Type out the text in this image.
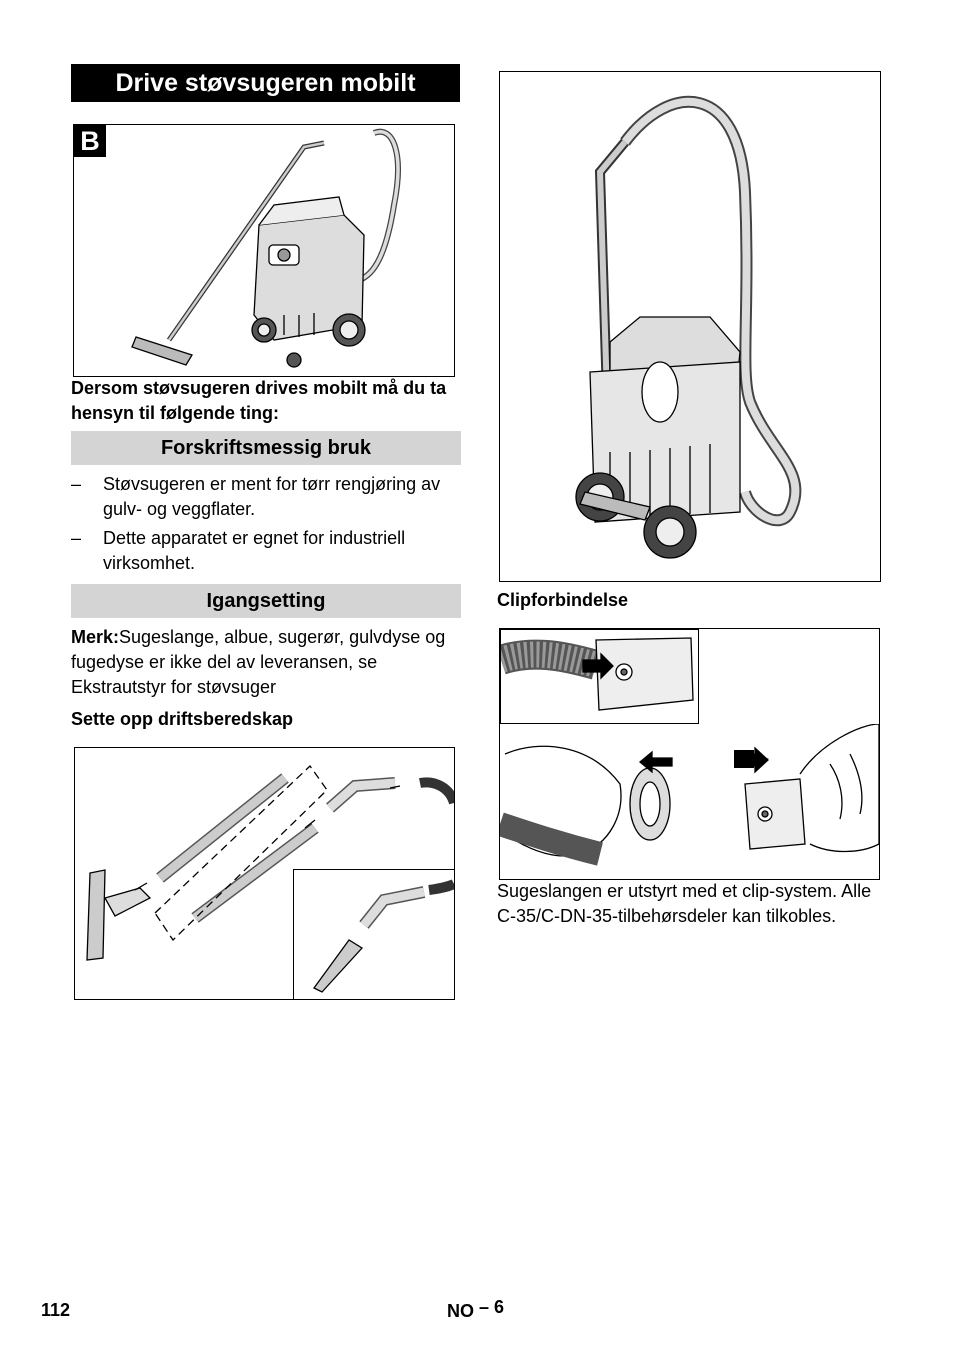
Drive støvsugeren mobilt
B
Dersom støvsugeren drives mobilt må du ta hensyn til følgende ting:
Forskriftsmessig bruk
– Støvsugeren er ment for tørr rengjøring av gulv- og veggflater.
– Dette apparatet er egnet for industriell virksomhet.
Igangsetting
Merk:Sugeslange, albue, sugerør, gulvdyse og fugedyse er ikke del av leveransen, se Ekstrautstyr for støvsuger
Sette opp driftsberedskap
Clipforbindelse
Sugeslangen er utstyrt med et clip-system. Alle C-35/C-DN-35-tilbehørsdeler kan tilkobles.
112	NO – 6
